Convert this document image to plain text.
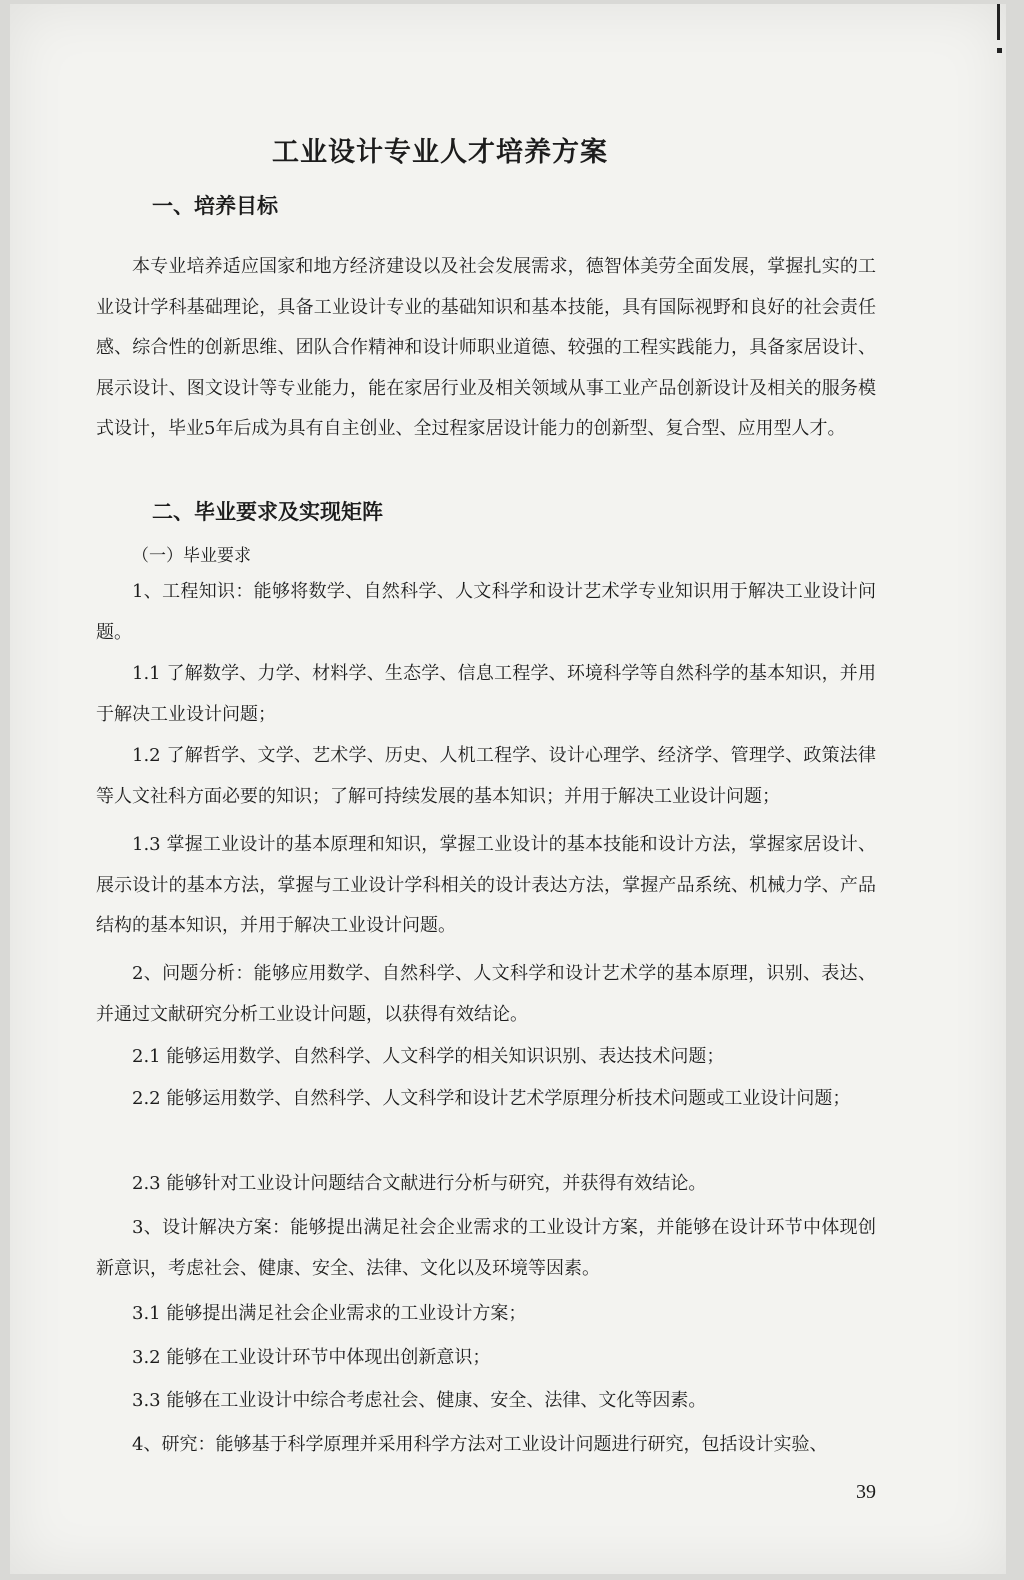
工业设计专业人才培养方案
一、培养目标
本专业培养适应国家和地方经济建设以及社会发展需求，德智体美劳全面发展，掌握扎实的工业设计学科基础理论，具备工业设计专业的基础知识和基本技能，具有国际视野和良好的社会责任感、综合性的创新思维、团队合作精神和设计师职业道德、较强的工程实践能力，具备家居设计、展示设计、图文设计等专业能力，能在家居行业及相关领域从事工业产品创新设计及相关的服务模式设计，毕业5年后成为具有自主创业、全过程家居设计能力的创新型、复合型、应用型人才。
二、毕业要求及实现矩阵
（一）毕业要求
1、工程知识：能够将数学、自然科学、人文科学和设计艺术学专业知识用于解决工业设计问题。
1.1 了解数学、力学、材料学、生态学、信息工程学、环境科学等自然科学的基本知识，并用于解决工业设计问题；
1.2 了解哲学、文学、艺术学、历史、人机工程学、设计心理学、经济学、管理学、政策法律等人文社科方面必要的知识；了解可持续发展的基本知识；并用于解决工业设计问题；
1.3 掌握工业设计的基本原理和知识，掌握工业设计的基本技能和设计方法，掌握家居设计、展示设计的基本方法，掌握与工业设计学科相关的设计表达方法，掌握产品系统、机械力学、产品结构的基本知识，并用于解决工业设计问题。
2、问题分析：能够应用数学、自然科学、人文科学和设计艺术学的基本原理，识别、表达、并通过文献研究分析工业设计问题，以获得有效结论。
2.1 能够运用数学、自然科学、人文科学的相关知识识别、表达技术问题；
2.2 能够运用数学、自然科学、人文科学和设计艺术学原理分析技术问题或工业设计问题；
2.3 能够针对工业设计问题结合文献进行分析与研究，并获得有效结论。
3、设计解决方案：能够提出满足社会企业需求的工业设计方案，并能够在设计环节中体现创新意识，考虑社会、健康、安全、法律、文化以及环境等因素。
3.1 能够提出满足社会企业需求的工业设计方案；
3.2 能够在工业设计环节中体现出创新意识；
3.3 能够在工业设计中综合考虑社会、健康、安全、法律、文化等因素。
4、研究：能够基于科学原理并采用科学方法对工业设计问题进行研究，包括设计实验、
39
